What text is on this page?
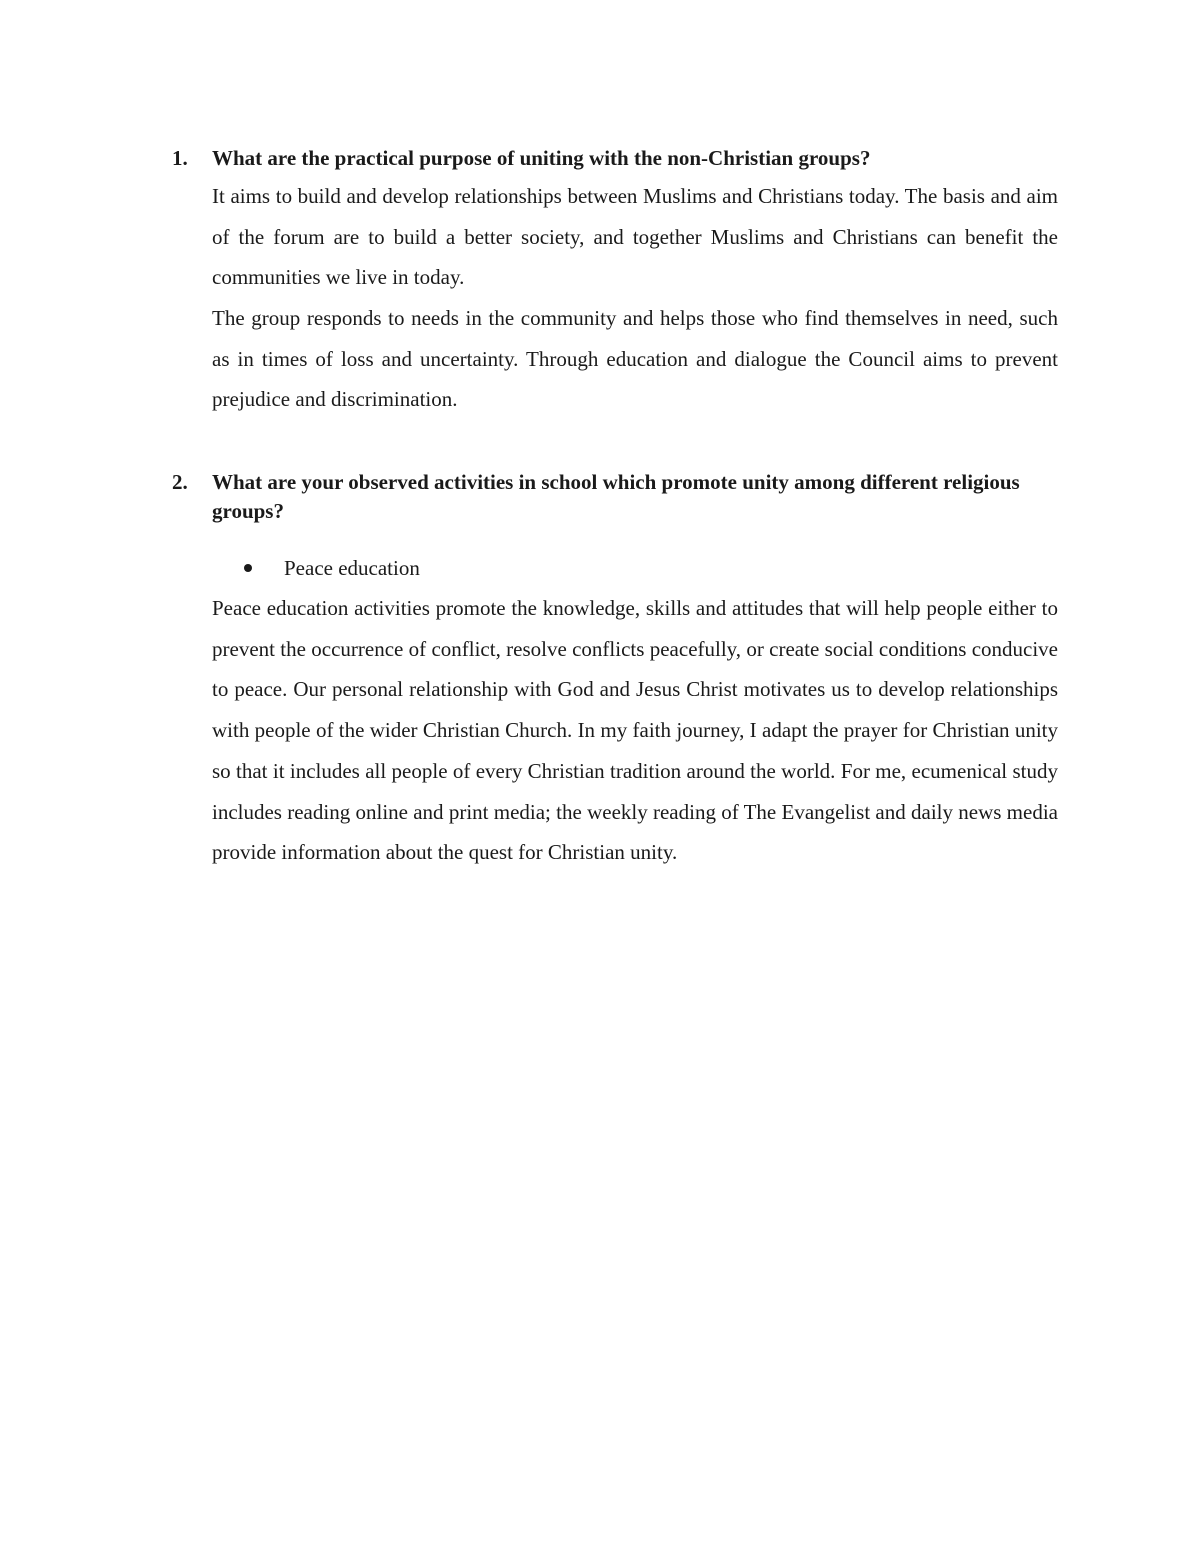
1. What are the practical purpose of uniting with the non-Christian groups?

It aims to build and develop relationships between Muslims and Christians today. The basis and aim of the forum are to build a better society, and together Muslims and Christians can benefit the communities we live in today.

The group responds to needs in the community and helps those who find themselves in need, such as in times of loss and uncertainty. Through education and dialogue the Council aims to prevent prejudice and discrimination.

2. What are your observed activities in school which promote unity among different religious groups?
Peace education

Peace education activities promote the knowledge, skills and attitudes that will help people either to prevent the occurrence of conflict, resolve conflicts peacefully, or create social conditions conducive to peace. Our personal relationship with God and Jesus Christ motivates us to develop relationships with people of the wider Christian Church. In my faith journey, I adapt the prayer for Christian unity so that it includes all people of every Christian tradition around the world. For me, ecumenical study includes reading online and print media; the weekly reading of The Evangelist and daily news media provide information about the quest for Christian unity.
